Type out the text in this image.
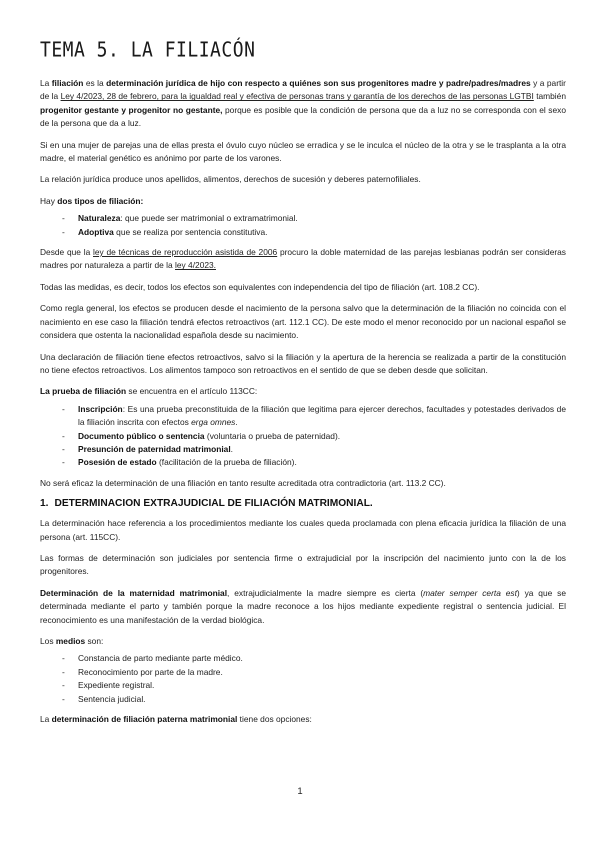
TEMA 5. LA FILIACÓN

La filiación es la determinación jurídica de hijo con respecto a quiénes son sus progenitores madre y padre/padres/madres y a partir de la Ley 4/2023, 28 de febrero, para la igualdad real y efectiva de personas trans y garantía de los derechos de las personas LGTBI también progenitor gestante y progenitor no gestante, porque es posible que la condición de persona que da a luz no se corresponda con el sexo de la persona que da a luz.

Si en una mujer de parejas una de ellas presta el óvulo cuyo núcleo se erradica y se le inculca el núcleo de la otra y se le trasplanta a la otra madre, el material genético es anónimo por parte de los varones.

La relación jurídica produce unos apellidos, alimentos, derechos de sucesión y deberes paternofiliales.

Hay dos tipos de filiación:

- Naturaleza: que puede ser matrimonial o extramatrimonial.
- Adoptiva que se realiza por sentencia constitutiva.

Desde que la ley de técnicas de reproducción asistida de 2006 procuro la doble maternidad de las parejas lesbianas podrán ser consideras madres por naturaleza a partir de la ley 4/2023.

Todas las medidas, es decir, todos los efectos son equivalentes con independencia del tipo de filiación (art. 108.2 CC).

Como regla general, los efectos se producen desde el nacimiento de la persona salvo que la determinación de la filiación no coincida con el nacimiento en ese caso la filiación tendrá efectos retroactivos (art. 112.1 CC). De este modo el menor reconocido por un nacional español se considera que ostenta la nacionalidad española desde su nacimiento.

Una declaración de filiación tiene efectos retroactivos, salvo si la filiación y la apertura de la herencia se realizada a partir de la constitución no tiene efectos retroactivos. Los alimentos tampoco son retroactivos en el sentido de que se deben desde que solicitan.

La prueba de filiación se encuentra en el artículo 113CC:

- Inscripción: Es una prueba preconstituida de la filiación que legitima para ejercer derechos, facultades y potestades derivados de la filiación inscrita con efectos erga omnes.
- Documento público o sentencia (voluntaria o prueba de paternidad).
- Presunción de paternidad matrimonial.
- Posesión de estado (facilitación de la prueba de filiación).

No será eficaz la determinación de una filiación en tanto resulte acreditada otra contradictoria (art. 113.2 CC).

1. DETERMINACION EXTRAJUDICIAL DE FILIACIÓN MATRIMONIAL.

La determinación hace referencia a los procedimientos mediante los cuales queda proclamada con plena eficacia jurídica la filiación de una persona (art. 115CC).

Las formas de determinación son judiciales por sentencia firme o extrajudicial por la inscripción del nacimiento junto con la de los progenitores.

Determinación de la maternidad matrimonial, extrajudicialmente la madre siempre es cierta (mater semper certa est) ya que se determinada mediante el parto y también porque la madre reconoce a los hijos mediante expediente registral o sentencia judicial. El reconocimiento es una manifestación de la verdad biológica.

Los medios son:

- Constancia de parto mediante parte médico.
- Reconocimiento por parte de la madre.
- Expediente registral.
- Sentencia judicial.

La determinación de filiación paterna matrimonial tiene dos opciones:

1
